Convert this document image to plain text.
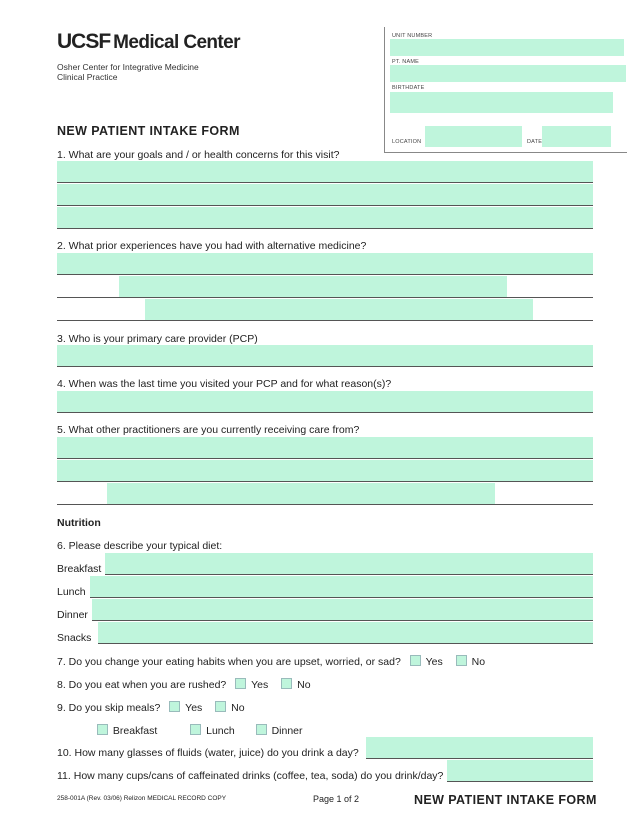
UCSF Medical Center
Osher Center for Integrative Medicine
Clinical Practice
NEW PATIENT INTAKE FORM
UNIT NUMBER
PT. NAME
BIRTHDATE
LOCATION	DATE
1. What are your goals and / or health concerns for this visit?
2. What prior experiences have you had with alternative medicine?
3. Who is your primary care provider (PCP)
4. When was the last time you visited your PCP and for what reason(s)?
5. What other practitioners are you currently receiving care from?
Nutrition
6. Please describe your typical diet:
Breakfast
Lunch
Dinner
Snacks
7. Do you change your eating habits when you are upset, worried, or sad? Yes	No
8. Do you eat when you are rushed? Yes	No
9. Do you skip meals? Yes	No
Breakfast	Lunch	Dinner
10. How many glasses of fluids (water, juice) do you drink a day?
11. How many cups/cans of caffeinated drinks (coffee, tea, soda) do you drink/day?
258-001A (Rev. 03/06) Relizon MEDICAL RECORD COPY	Page 1 of 2	NEW PATIENT INTAKE FORM
